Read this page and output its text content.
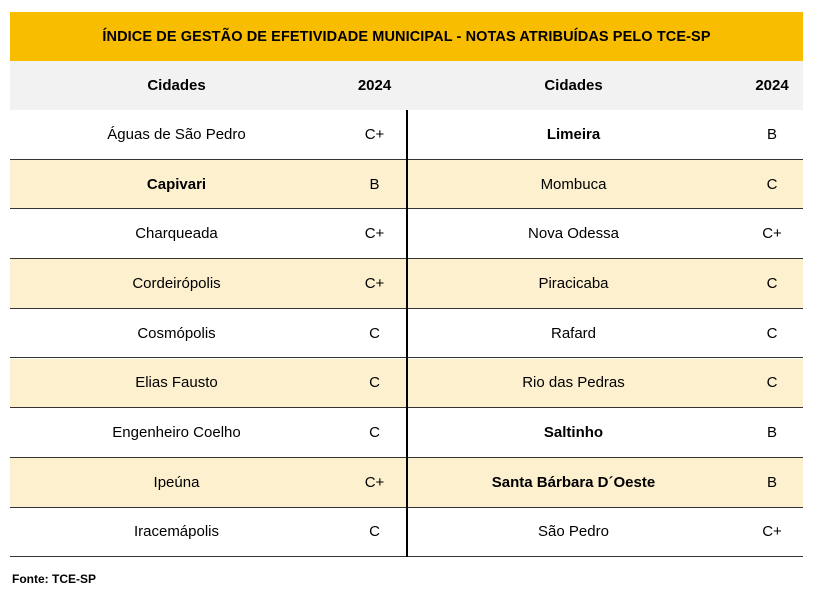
ÍNDICE DE GESTÃO DE EFETIVIDADE MUNICIPAL - NOTAS ATRIBUÍDAS PELO TCE-SP
Cidades	2024	Cidades	2024
Águas de São Pedro	C+	Limeira	B
Capivari	B	Mombuca	C
Charqueada	C+	Nova Odessa	C+
Cordeirópolis	C+	Piracicaba	C
Cosmópolis	C	Rafard	C
Elias Fausto	C	Rio das Pedras	C
Engenheiro Coelho	C	Saltinho	B
Ipeúna	C+	Santa Bárbara D´Oeste	B
Iracemápolis	C	São Pedro	C+
Fonte: TCE-SP
